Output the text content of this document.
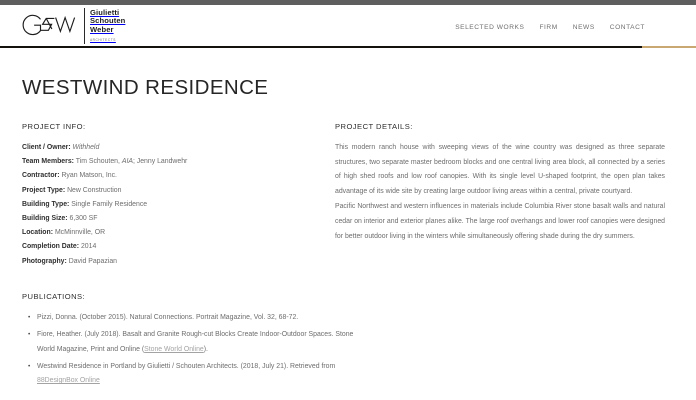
Giulietti
Schouten
Weber
ARCHITECTS
SELECTED WORKS FIRM NEWS CONTACT
WESTWIND RESIDENCE
PROJECT INFO:
Client / Owner: Withheld
Team Members: Tim Schouten, AIA; Jenny Landwehr
Contractor: Ryan Matson, Inc.
Project Type: New Construction
Building Type: Single Family Residence
Building Size: 6,300 SF
Location: McMinnville, OR
Completion Date: 2014
Photography: David Papazian
PROJECT DETAILS:

This modern ranch house with sweeping views of the wine country was designed as three separate structures, two separate master bedroom blocks and one central living area block, all connected by a series of high shed roofs and low roof canopies. With its single level U-shaped footprint, the open plan takes advantage of its wide site by creating large outdoor living areas within a central, private courtyard.

Pacific Northwest and western influences in materials include Columbia River stone basalt walls and natural cedar on interior and exterior planes alike. The large roof overhangs and lower roof canopies were designed for better outdoor living in the winters while simultaneously offering shade during the dry summers.

PUBLICATIONS:
• Pizzi, Donna. (October 2015). Natural Connections. Portrait Magazine, Vol. 32, 68-72.
• Fiore, Heather. (July 2018). Basalt and Granite Rough-cut Blocks Create Indoor-Outdoor Spaces. Stone World Magazine, Print and Online (Stone World Online).
• Westwind Residence in Portland by Giulietti / Schouten Architects. (2018, July 21). Retrieved from 88DesignBox Online
